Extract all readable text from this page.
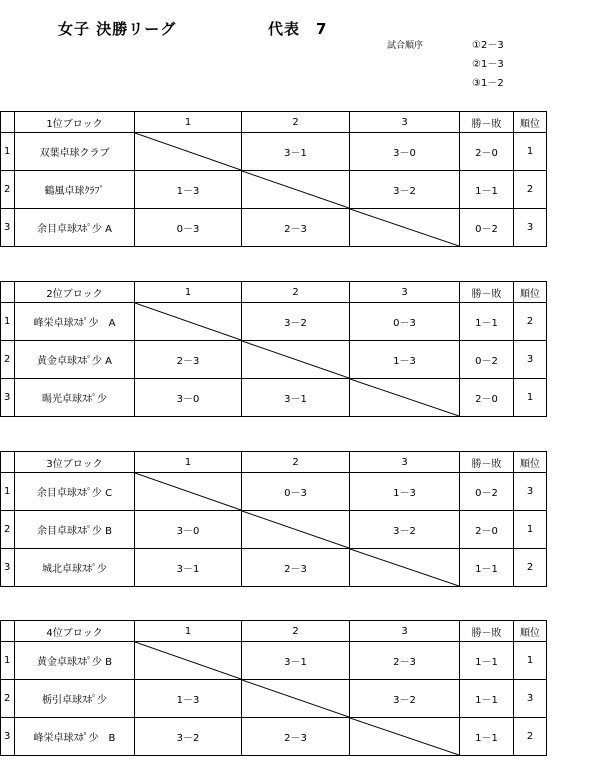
女子 決勝リーグ	代表　7
試合順序	①2－3
②1－3
③1－2
	1位ブロック	1	2	3	勝－敗	順位
1	双葉卓球クラブ		3－1	3－0	2－0	1
2	鶴風卓球ｸﾗﾌﾞ	1－3		3－2	1－1	2
3	余目卓球ｽﾎﾟ少 A	0－3	2－3		0－2	3
	2位ブロック	1	2	3	勝－敗	順位
1	峰栄卓球ｽﾎﾟ少　A		3－2	0－3	1－1	2
2	黄金卓球ｽﾎﾟ少 A	2－3		1－3	0－2	3
3	暘光卓球ｽﾎﾟ少	3－0	3－1		2－0	1
	3位ブロック	1	2	3	勝－敗	順位
1	余目卓球ｽﾎﾟ少 C		0－3	1－3	0－2	3
2	余目卓球ｽﾎﾟ少 B	3－0		3－2	2－0	1
3	城北卓球ｽﾎﾟ少	3－1	2－3		1－1	2
	4位ブロック	1	2	3	勝－敗	順位
1	黄金卓球ｽﾎﾟ少 B		3－1	2－3	1－1	1
2	栃引卓球ｽﾎﾟ少	1－3		3－2	1－1	3
3	峰栄卓球ｽﾎﾟ少　B	3－2	2－3		1－1	2
